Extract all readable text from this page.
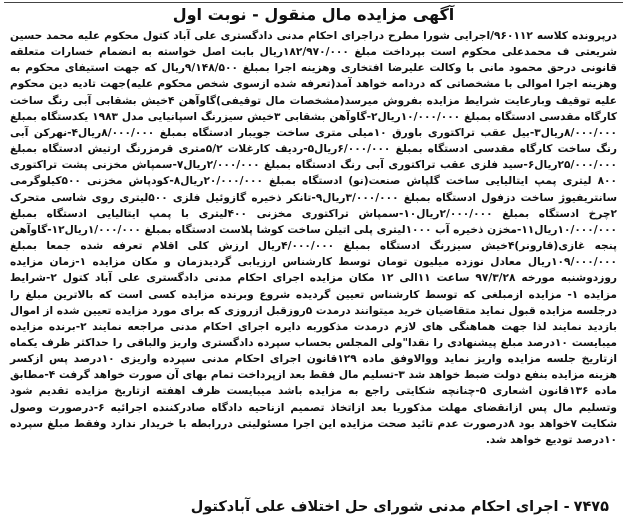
آگهی مزایده مال منقول - نوبت اول

درپرونده کلاسه ۹۶۰۱۱۲/اجرایی شورا مطرح دراجرای احکام مدنی دادگستری علی آباد کتول محکوم علیه محمد حسین شریعتی ف محمدعلی محکوم است بپرداخت مبلغ ۱۸۲/۹۷۰/۰۰۰ریال بابت اصل خواسته به انضمام خسارات متعلقه قانونی درحق محمود مانی با وکالت علیرضا افتخاری وهزینه اجرا بمبلغ ۹/۱۴۸/۵۰۰ریال که جهت استیفای محکوم به وهزینه اجرا اموالی با مشخصاتی که دردامه خواهد آمد(تعرفه شده ازسوی شخص محکوم علیه)جهت تادیه دین محکوم علیه توقیف وبارعایت شرایط مزایده بفروش میرسد(مشخصات مال توقیفی)گاوآهن ۴خیش بشقابی آبی رنگ ساخت کارگاه مقدسی ادستگاه بمبلغ ۱۰/۰۰۰/۰۰۰ریال۲-گاوآهن بشقابی ۳خیش سیزرنگ اسپانیایی مدل ۱۹۸۳ یکدستگاه بمبلغ ۸/۰۰۰/۰۰۰ریال۳-بیل عقب تراکتوری باورق ۱۰میلی متری ساخت جویبار ادستگاه بمبلغ ۸/۰۰۰/۰۰۰ریال۴-نهرکن آبی رنگ ساخت کارگاه مقدسی ادستگاه بمبلغ ۶/۰۰۰/۰۰۰ریال۵-ردیف کارغلات ۵/۲متری قرمزرنگ ارتیش ادستگاه بمبلغ ۲۵/۰۰۰/۰۰۰ریال۶-سید فلزی عقب تراکتوری آبی رنگ ادستگاه بمبلغ ۲/۰۰۰/۰۰۰ریال۷-سمپاش مخزنی پشت تراکتوری ۸۰۰ لیتری پمپ ایتالیایی ساخت گلپاش صنعت(نو) ادستگاه بمبلغ ۲۰/۰۰۰/۰۰۰ریال۸-کودپاش مخزنی ۵۰۰کیلوگرمی سانتریفیوژ ساخت دزفول ادستگاه بمبلغ ۳/۰۰۰/۰۰۰ریال۹-تانکر ذخیره گازوئیل فلزی ۵۰۰لیتری روی شاسی متحرک ۲چرخ ادستگاه بمبلغ ۲/۰۰۰/۰۰۰ریال۱۰-سمپاش تراکتوری مخزنی ۴۰۰لیتری با پمپ ایتالیایی ادستگاه بمبلغ ۱۰/۰۰۰/۰۰۰ریال۱۱-مخزن ذخیره آب ۱۰۰۰لیتری پلی اتیلن ساخت کوشا پلاست ادستگاه بمبلغ ۱/۰۰۰/۰۰۰ریال۱۲-گاوآهن پنجه غازی(قارونر)۴خیش سیزرنگ ادستگاه بمبلغ ۴/۰۰۰/۰۰۰ریال ارزش کلی اقلام تعرفه شده جمعا بمبلغ ۱۰۹/۰۰۰/۰۰۰ریال معادل نوزده میلیون تومان توسط کارشناس ارزیابی گردیدزمان و مکان مزایده ۱-زمان مزایده روزدوشنبه مورخه ۹۷/۳/۲۸ ساعت ۱۱الی ۱۲ مکان مزایده اجرای احکام مدنی دادگستری علی آباد کتول ۲-شرایط مزایده ۱- مزایده ازمبلغی که توسط کارشناس تعیین گردیده شروع وبرنده مزایده کسی است که بالاترین مبلغ را درجلسه مزایده قبول نماید متقاضیان خرید میتوانند درمدت ۵روزقبل ازروزی که برای مورد مزایده تعیین شده از اموال بازدید نمایند لذا جهت هماهنگی های لازم درمدت مذکوربه دایره اجرای احکام مدنی مراجعه نمایند ۲-برنده مزایده میبایست ۱۰درصد مبلغ پیشنهادی را نقدا"ولی المجلس بحساب سپرده دادگستری واریز والباقی را حداکثر ظرف یکماه ازتاریخ جلسه مزایده واریز نماید ووالاوفق ماده ۱۲۹قانون اجرای احکام مدنی سپرده واریزی ۱۰درصد پس ازکسر هزینه مزایده بنفع دولت ضبط خواهد شد ۳-تسلیم مال فقط بعد ازپرداخت تمام بهای آن صورت خواهد گرفت ۴-مطابق ماده ۱۳۶قانون اشعاری ۵-چنانچه شکایتی راجع به مزایده باشد میبایست ظرف اهفته ازتاریخ مزایده تقدیم شود وتسلیم مال پس ازانقضای مهلت مذکوریا بعد ازاتخاذ تصمیم ازناحیه دادگاه صادرکننده اجرائیه ۶-درصورت وصول شکایت ۷خواهد بود ۸درصورت عدم تائید صحت مزایده این اجرا مسئولیتی دررابطه با خریدار ندارد وفقط مبلغ سپرده ۱۰درصد تودیع خواهد شد.

۷۴۷۵- اجرای احکام مدنی شورای حل اختلاف علی آبادکتول
